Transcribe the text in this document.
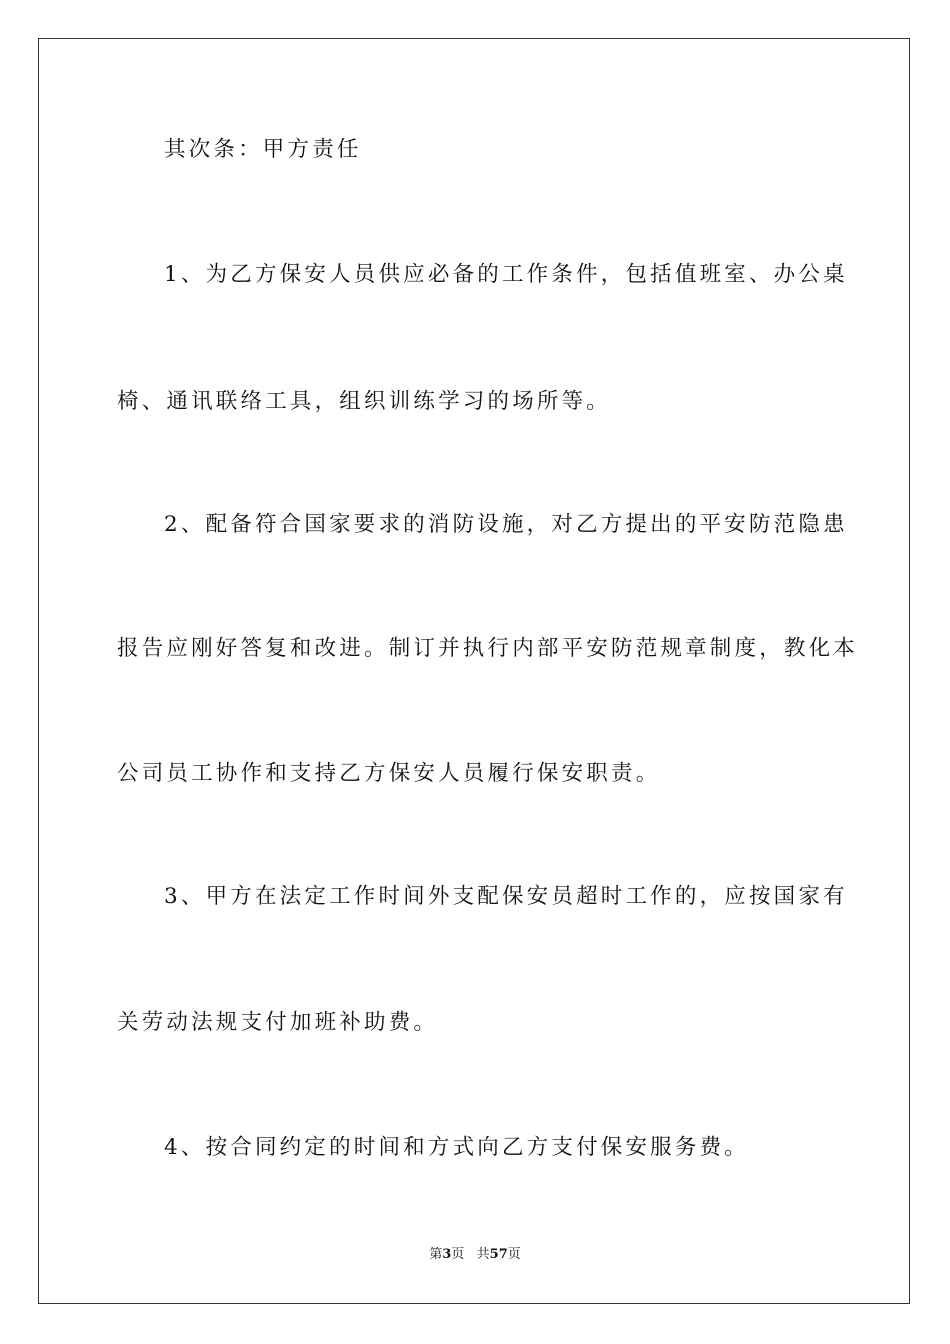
其次条：甲方责任
1、为乙方保安人员供应必备的工作条件，包括值班室、办公桌
椅、通讯联络工具，组织训练学习的场所等。
2、配备符合国家要求的消防设施，对乙方提出的平安防范隐患
报告应刚好答复和改进。制订并执行内部平安防范规章制度，教化本
公司员工协作和支持乙方保安人员履行保安职责。
3、甲方在法定工作时间外支配保安员超时工作的，应按国家有
关劳动法规支付加班补助费。
4、按合同约定的时间和方式向乙方支付保安服务费。
第3页   共57页
